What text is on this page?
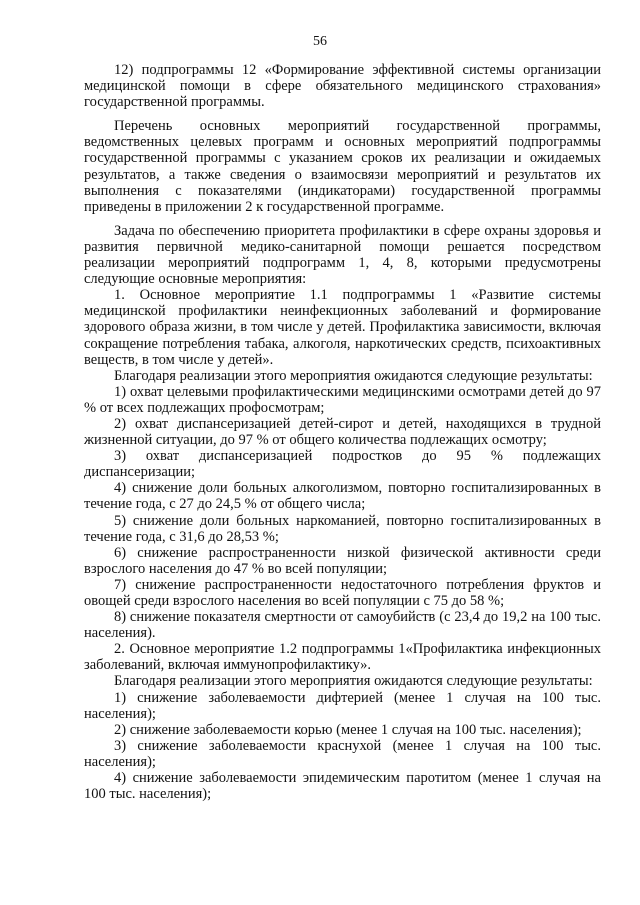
56

12) подпрограммы 12 «Формирование эффективной системы организации медицинской помощи в сфере обязательного медицинского страхования» государственной программы.

Перечень основных мероприятий государственной программы, ведомственных целевых программ и основных мероприятий подпрограммы государственной программы с указанием сроков их реализации и ожидаемых результатов, а также сведения о взаимосвязи мероприятий и результатов их выполнения с показателями (индикаторами) государственной программы приведены в приложении 2 к государственной программе.

Задача по обеспечению приоритета профилактики в сфере охраны здоровья и развития первичной медико-санитарной помощи решается посредством реализации мероприятий подпрограмм 1, 4, 8, которыми предусмотрены следующие основные мероприятия:

1. Основное мероприятие 1.1 подпрограммы 1 «Развитие системы медицинской профилактики неинфекционных заболеваний и формирование здорового образа жизни, в том числе у детей. Профилактика зависимости, включая сокращение потребления табака, алкоголя, наркотических средств, психоактивных веществ, в том числе у детей».

Благодаря реализации этого мероприятия ожидаются следующие результаты:

1) охват целевыми профилактическими медицинскими осмотрами детей до 97 % от всех подлежащих профосмотрам;

2) охват диспансеризацией детей-сирот и детей, находящихся в трудной жизненной ситуации, до 97 % от общего количества подлежащих осмотру;

3) охват диспансеризацией подростков до 95 % подлежащих диспансеризации;

4) снижение доли больных алкоголизмом, повторно госпитализированных в течение года, с 27 до 24,5 % от общего числа;

5) снижение доли больных наркоманией, повторно госпитализированных в течение года, с 31,6 до 28,53 %;

6) снижение распространенности низкой физической активности среди взрослого населения до 47 % во всей популяции;

7) снижение распространенности недостаточного потребления фруктов и овощей среди взрослого населения во всей популяции с 75 до 58 %;

8) снижение показателя смертности от самоубийств (с 23,4 до 19,2 на 100 тыс. населения).

2. Основное мероприятие 1.2 подпрограммы 1«Профилактика инфекционных заболеваний, включая иммунопрофилактику».

Благодаря реализации этого мероприятия ожидаются следующие результаты:

1) снижение заболеваемости дифтерией (менее 1 случая на 100 тыс. населения);

2) снижение заболеваемости корью (менее 1 случая на 100 тыс. населения);

3) снижение заболеваемости краснухой (менее 1 случая на 100 тыс. населения);

4) снижение заболеваемости эпидемическим паротитом (менее 1 случая на 100 тыс. населения);
